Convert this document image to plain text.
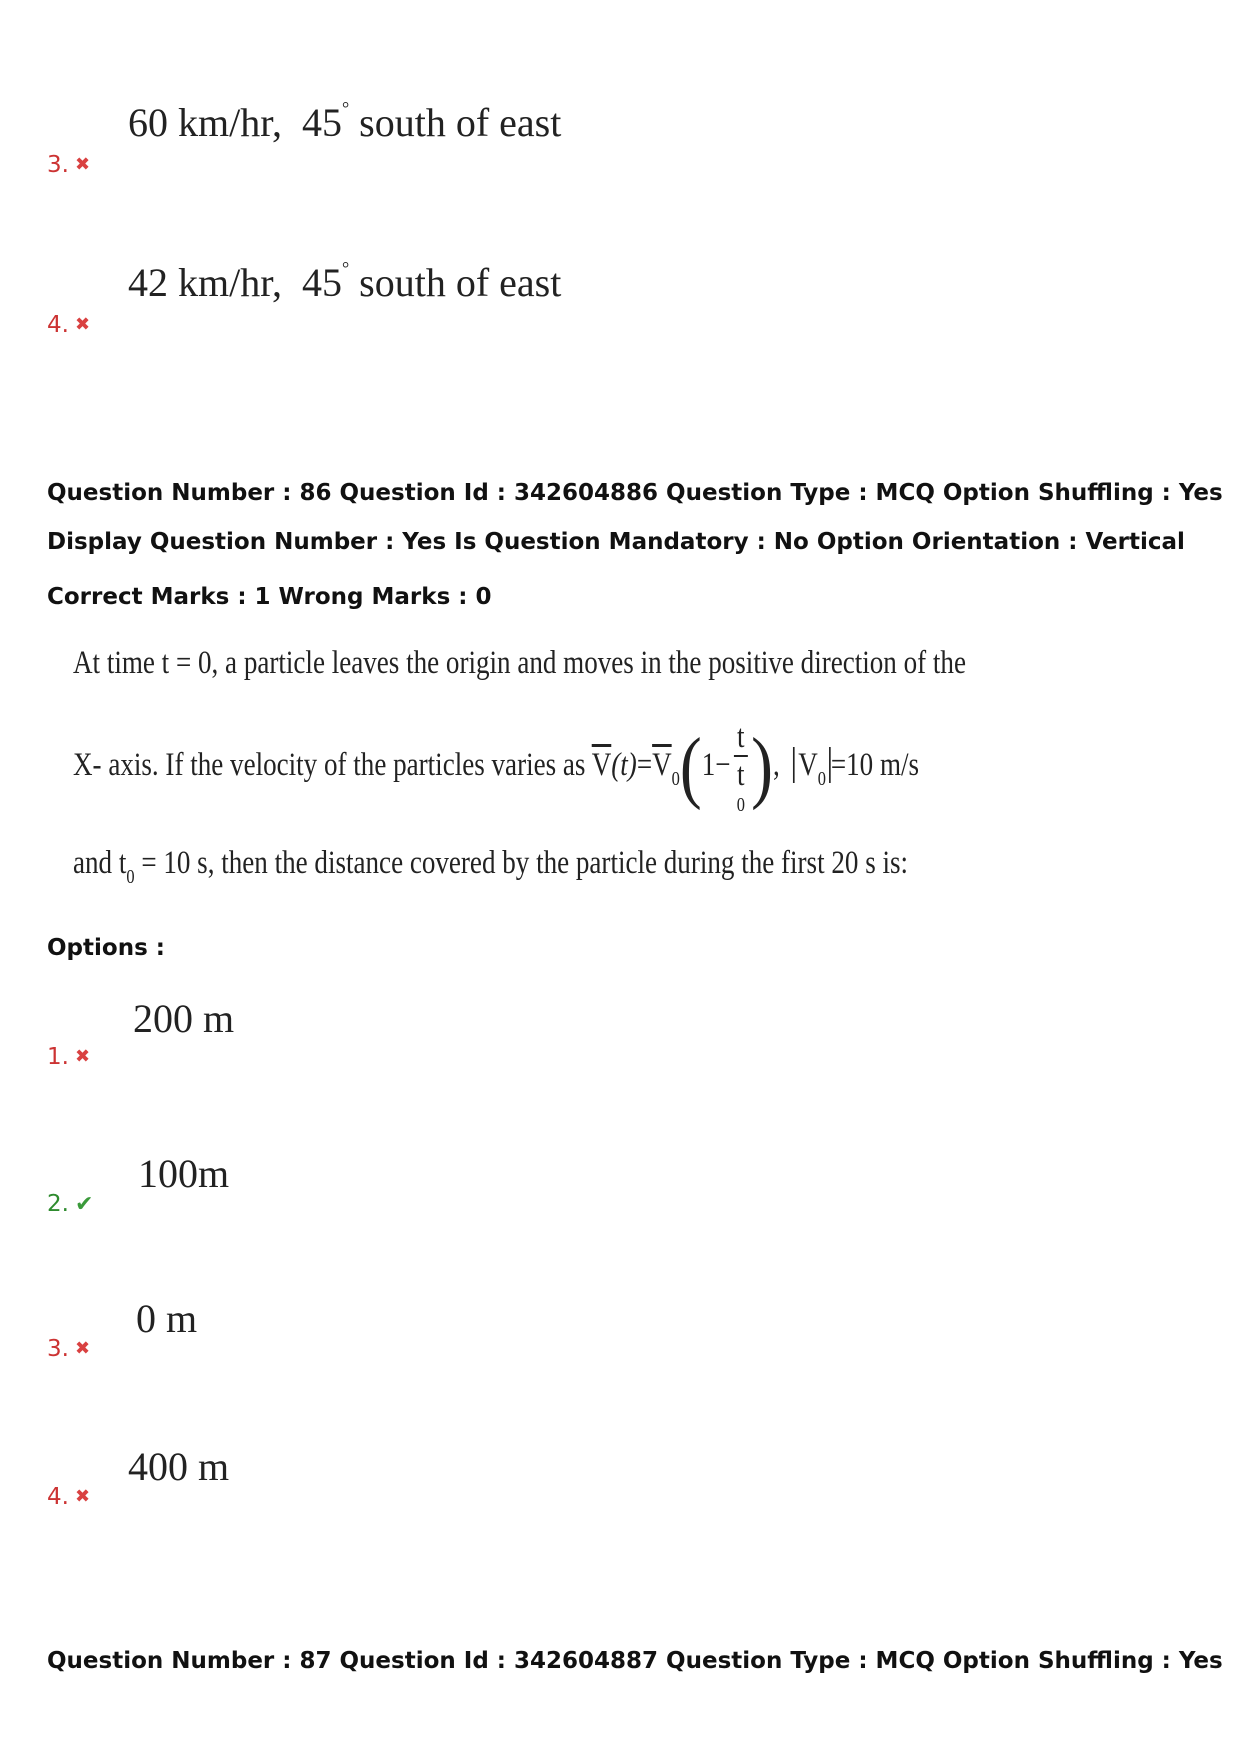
60 km/hr, 45° south of east
3. ✖
42 km/hr, 45° south of east
4. ✖
Question Number : 86 Question Id : 342604886 Question Type : MCQ Option Shuffling : Yes
Display Question Number : Yes Is Question Mandatory : No Option Orientation : Vertical
Correct Marks : 1 Wrong Marks : 0
At time t = 0, a particle leaves the origin and moves in the positive direction of the
X- axis. If the velocity of the particles varies as $\overline{V}(t)=\overline{V}_0(1- t$
t
0 ), $V_0 =10$ m/s
and $t_0 = 10$ s, then the distance covered by the particle during the first 20 s is:
Options :
200 m
1. ✖
100m
2. ✔
0 m
3. ✖
400 m
4. ✖
Question Number : 87 Question Id : 342604887 Question Type : MCQ Option Shuffling : Yes
